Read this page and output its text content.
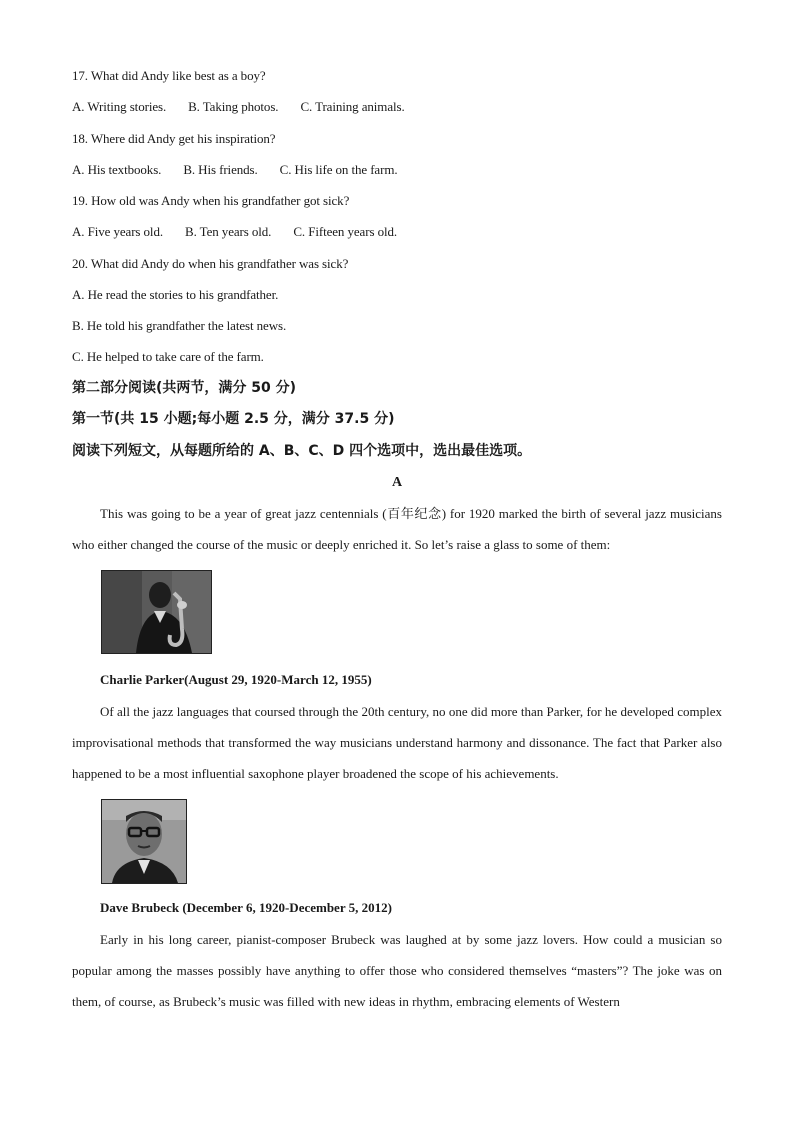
17. What did Andy like best as a boy?
A. Writing stories. B. Taking photos. C. Training animals.
18. Where did Andy get his inspiration?
A. His textbooks. B. His friends. C. His life on the farm.
19. How old was Andy when his grandfather got sick?
A. Five years old. B. Ten years old. C. Fifteen years old.
20. What did Andy do when his grandfather was sick?
A. He read the stories to his grandfather.
B. He told his grandfather the latest news.
C. He helped to take care of the farm.
第二部分阅读(共两节，满分 50 分)
第一节(共 15 小题;每小题 2.5 分，满分 37.5 分)
阅读下列短文，从每题所给的 A、B、C、D 四个选项中，选出最佳选项。
A
This was going to be a year of great jazz centennials (百年纪念) for 1920 marked the birth of several jazz musicians who either changed the course of the music or deeply enriched it. So let’s raise a glass to some of them:
Charlie Parker(August 29, 1920-March 12, 1955)
Of all the jazz languages that coursed through the 20th century, no one did more than Parker, for he developed complex improvisational methods that transformed the way musicians understand harmony and dissonance. The fact that Parker also happened to be a most influential saxophone player broadened the scope of his achievements.
Dave Brubeck (December 6, 1920-December 5, 2012)
Early in his long career, pianist-composer Brubeck was laughed at by some jazz lovers. How could a musician so popular among the masses possibly have anything to offer those who considered themselves “masters”? The joke was on them, of course, as Brubeck’s music was filled with new ideas in rhythm, embracing elements of Western
